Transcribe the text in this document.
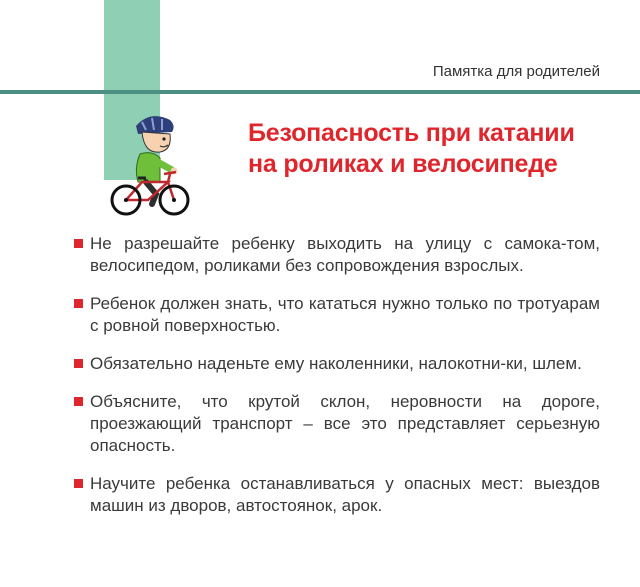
Памятка для родителей
Безопасность при катании
на роликах и велосипеде
Не разрешайте ребенку выходить на улицу с самока-том, велосипедом, роликами без сопровождения взрослых.
Ребенок должен знать, что кататься нужно только по тротуарам с ровной поверхностью.
Обязательно наденьте ему наколенники, налокотни-ки, шлем.
Объясните, что крутой склон, неровности на дороге, проезжающий транспорт – все это представляет серьезную опасность.
Научите ребенка останавливаться у опасных мест: выездов машин из дворов, автостоянок, арок.
